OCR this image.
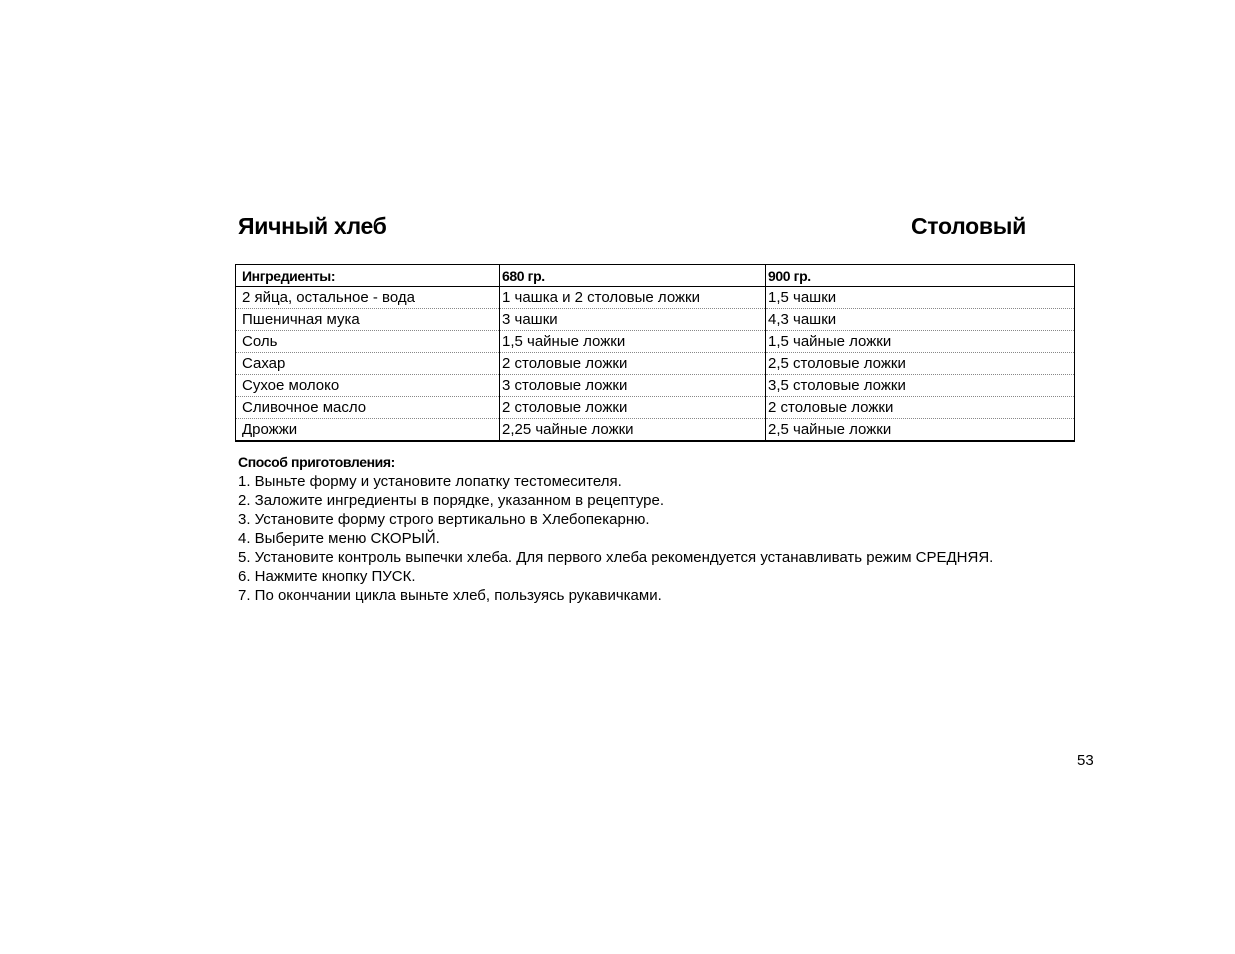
Яичный хлеб	Столовый
Ингредиенты:	680 гр.	900 гр.
2 яйца, остальное - вода	1 чашка и 2 столовые ложки	1,5 чашки
Пшеничная мука	3 чашки	4,3 чашки
Соль	1,5 чайные ложки	1,5 чайные ложки
Сахар	2 столовые ложки	2,5 столовые ложки
Сухое молоко	3 столовые ложки	3,5 столовые ложки
Сливочное масло	2 столовые ложки	2 столовые ложки
Дрожжи	2,25 чайные ложки	2,5 чайные ложки
Способ приготовления:
1. Выньте форму и установите лопатку тестомесителя.
2. Заложите ингредиенты в порядке, указанном в рецептуре.
3. Установите форму строго вертикально в Хлебопекарню.
4. Выберите меню СКОРЫЙ.
5. Установите контроль выпечки хлеба. Для первого хлеба рекомендуется устанавливать режим СРЕДНЯЯ.
6. Нажмите кнопку ПУСК.
7. По окончании цикла выньте хлеб, пользуясь рукавичками.
53
